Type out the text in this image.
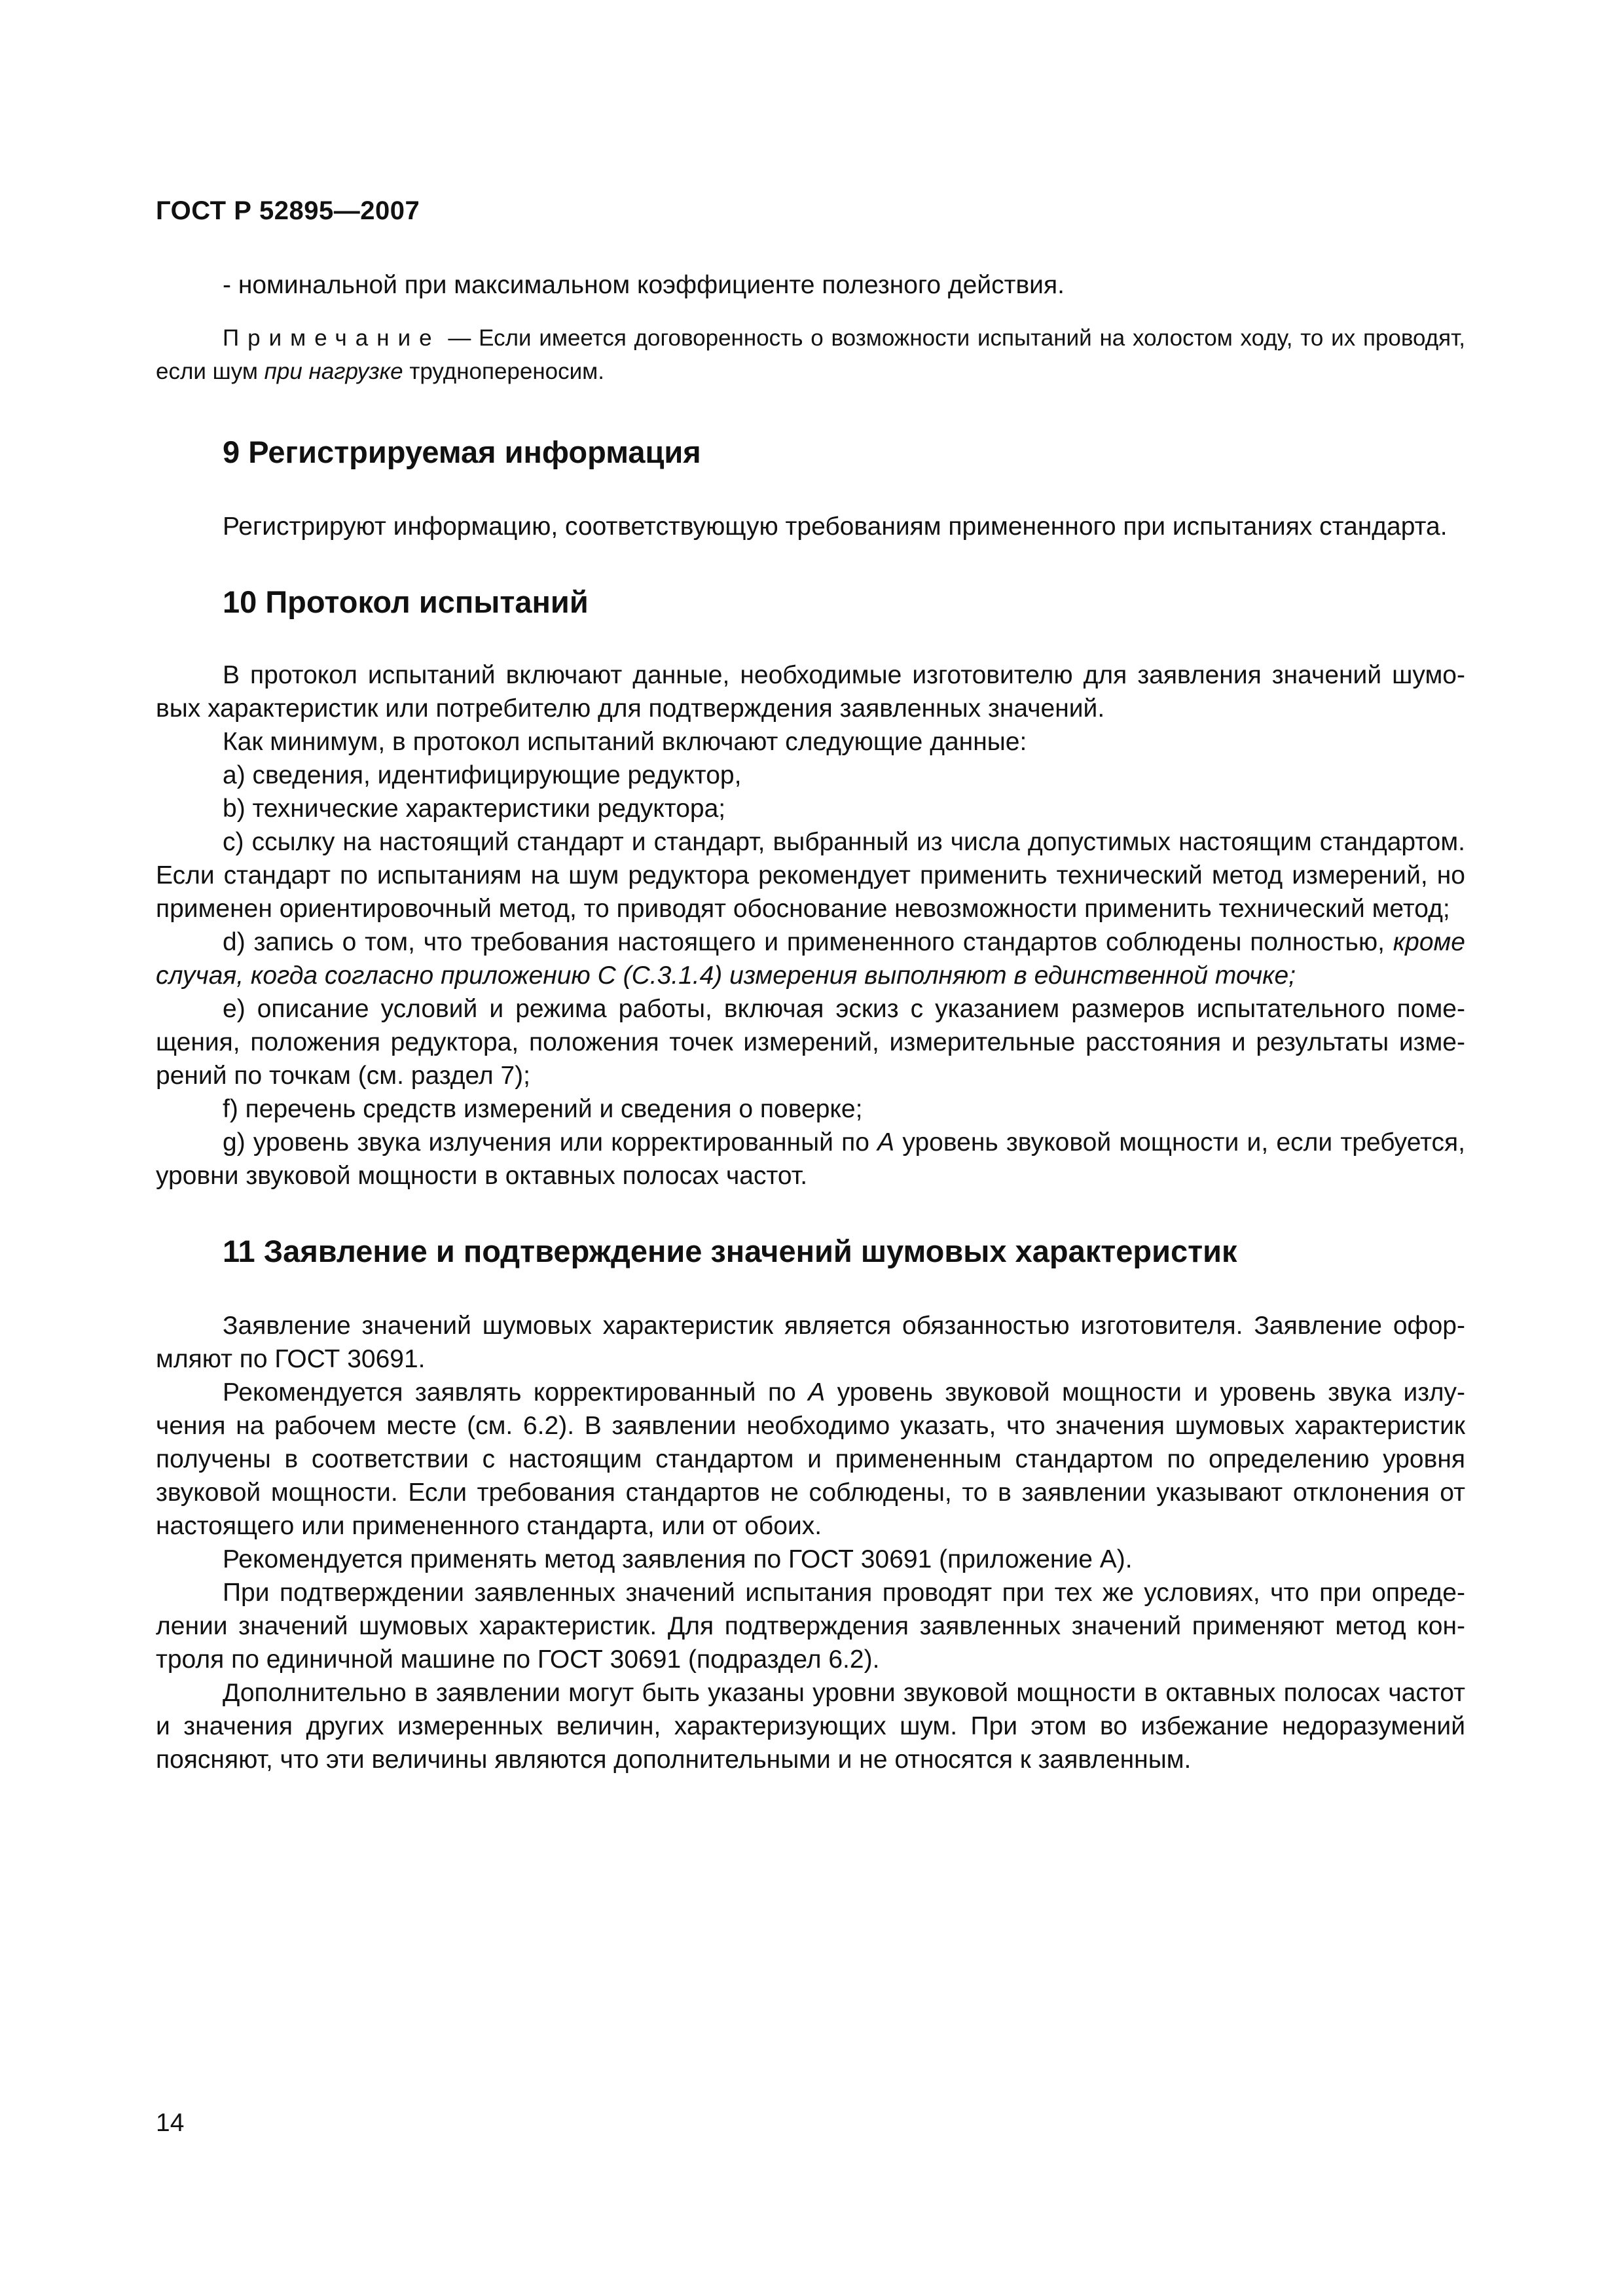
ГОСТ Р 52895—2007

- номинальной при максимальном коэффициенте полезного действия.

Примечание — Если имеется договоренность о возможности испытаний на холостом ходу, то их проводят, если шум при нагрузке труднопереносим.

9 Регистрируемая информация

Регистрируют информацию, соответствующую требованиям примененного при испытаниях стандарта.

10 Протокол испытаний

В протокол испытаний включают данные, необходимые изготовителю для заявления значений шумовых характеристик или потребителю для подтверждения заявленных значений.

Как минимум, в протокол испытаний включают следующие данные:

а) сведения, идентифицирующие редуктор,

b) технические характеристики редуктора;

с) ссылку на настоящий стандарт и стандарт, выбранный из числа допустимых настоящим стандартом. Если стандарт по испытаниям на шум редуктора рекомендует применить технический метод измерений, но применен ориентировочный метод, то приводят обоснование невозможности применить технический метод;

d) запись о том, что требования настоящего и примененного стандартов соблюдены полностью, кроме случая, когда согласно приложению С (С.3.1.4) измерения выполняют в единственной точке;

е) описание условий и режима работы, включая эскиз с указанием размеров испытательного помещения, положения редуктора, положения точек измерений, измерительные расстояния и результаты измерений по точкам (см. раздел 7);

f) перечень средств измерений и сведения о поверке;

g) уровень звука излучения или корректированный по А уровень звуковой мощности и, если требуется, уровни звуковой мощности в октавных полосах частот.

11 Заявление и подтверждение значений шумовых характеристик

Заявление значений шумовых характеристик является обязанностью изготовителя. Заявление оформляют по ГОСТ 30691.

Рекомендуется заявлять корректированный по А уровень звуковой мощности и уровень звука излучения на рабочем месте (см. 6.2). В заявлении необходимо указать, что значения шумовых характеристик получены в соответствии с настоящим стандартом и примененным стандартом по определению уровня звуковой мощности. Если требования стандартов не соблюдены, то в заявлении указывают отклонения от настоящего или примененного стандарта, или от обоих.

Рекомендуется применять метод заявления по ГОСТ 30691 (приложение А).

При подтверждении заявленных значений испытания проводят при тех же условиях, что при определении значений шумовых характеристик. Для подтверждения заявленных значений применяют метод контроля по единичной машине по ГОСТ 30691 (подраздел 6.2).

Дополнительно в заявлении могут быть указаны уровни звуковой мощности в октавных полосах частот и значения других измеренных величин, характеризующих шум. При этом во избежание недоразумений поясняют, что эти величины являются дополнительными и не относятся к заявленным.

14
